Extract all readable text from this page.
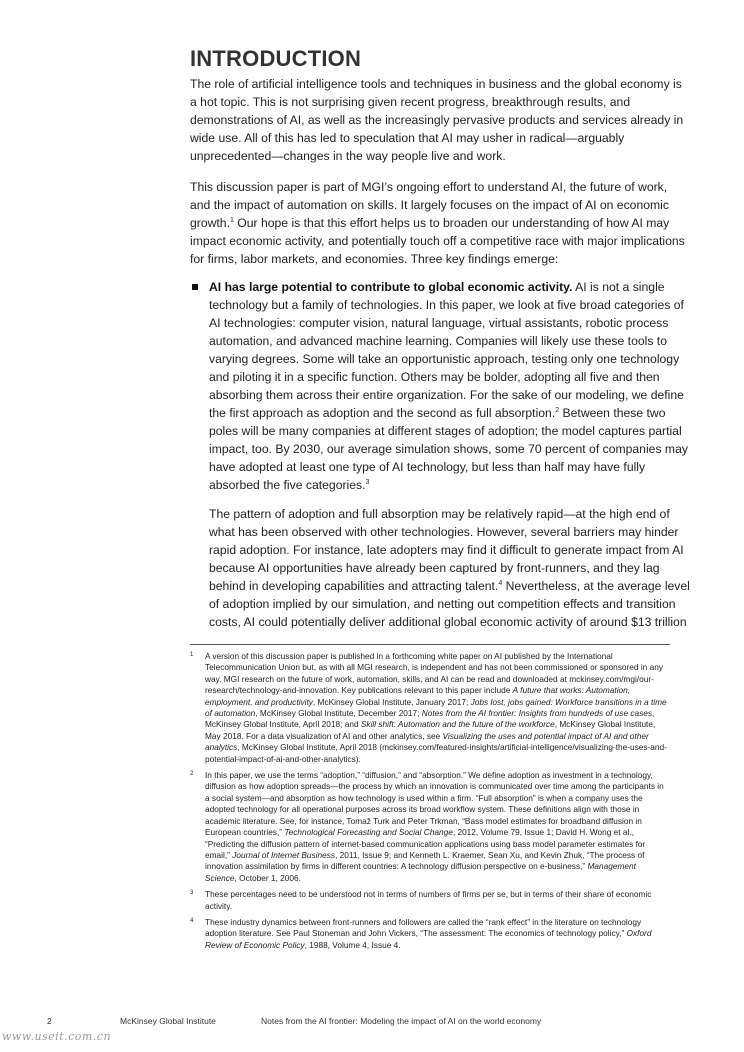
INTRODUCTION

The role of artificial intelligence tools and techniques in business and the global economy is a hot topic. This is not surprising given recent progress, breakthrough results, and demonstrations of AI, as well as the increasingly pervasive products and services already in wide use. All of this has led to speculation that AI may usher in radical—arguably unprecedented—changes in the way people live and work.

This discussion paper is part of MGI’s ongoing effort to understand AI, the future of work, and the impact of automation on skills. It largely focuses on the impact of AI on economic growth.$^1$ Our hope is that this effort helps us to broaden our understanding of how AI may impact economic activity, and potentially touch off a competitive race with major implications for firms, labor markets, and economies. Three key findings emerge:

AI has large potential to contribute to global economic activity. AI is not a single technology but a family of technologies. In this paper, we look at five broad categories of AI technologies: computer vision, natural language, virtual assistants, robotic process automation, and advanced machine learning. Companies will likely use these tools to varying degrees. Some will take an opportunistic approach, testing only one technology and piloting it in a specific function. Others may be bolder, adopting all five and then absorbing them across their entire organization. For the sake of our modeling, we define the first approach as adoption and the second as full absorption.$^2$ Between these two poles will be many companies at different stages of adoption; the model captures partial impact, too. By 2030, our average simulation shows, some 70 percent of companies may have adopted at least one type of AI technology, but less than half may have fully absorbed the five categories.$^3$

The pattern of adoption and full absorption may be relatively rapid—at the high end of what has been observed with other technologies. However, several barriers may hinder rapid adoption. For instance, late adopters may find it difficult to generate impact from AI because AI opportunities have already been captured by front-runners, and they lag behind in developing capabilities and attracting talent.$^4$ Nevertheless, at the average level of adoption implied by our simulation, and netting out competition effects and transition costs, AI could potentially deliver additional global economic activity of around $13 trillion

1 A version of this discussion paper is published in a forthcoming white paper on AI published by the International Telecommunication Union but, as with all MGI research, is independent and has not been commissioned or sponsored in any way. MGI research on the future of work, automation, skills, and AI can be read and downloaded at mckinsey.com/mgi/our-research/technology-and-innovation. Key publications relevant to this paper include A future that works: Automation, employment, and productivity, McKinsey Global Institute, January 2017; Jobs lost, jobs gained: Workforce transitions in a time of automation, McKinsey Global Institute, December 2017; Notes from the AI frontier: Insights from hundreds of use cases, McKinsey Global Institute, April 2018; and Skill shift: Automation and the future of the workforce, McKinsey Global Institute, May 2018. For a data visualization of AI and other analytics, see Visualizing the uses and potential impact of AI and other analytics, McKinsey Global Institute, April 2018 (mckinsey.com/featured-insights/artificial-intelligence/visualizing-the-uses-and-potential-impact-of-ai-and-other-analytics).
2 In this paper, we use the terms “adoption,” “diffusion,” and “absorption.” We define adoption as investment in a technology, diffusion as how adoption spreads—the process by which an innovation is communicated over time among the participants in a social system—and absorption as how technology is used within a firm. “Full absorption” is when a company uses the adopted technology for all operational purposes across its broad workflow system. These definitions align with those in academic literature. See, for instance, Tomaž Turk and Peter Trkman, “Bass model estimates for broadband diffusion in European countries,” Technological Forecasting and Social Change, 2012, Volume 79, Issue 1; David H. Wong et al., “Predicting the diffusion pattern of internet-based communication applications using bass model parameter estimates for email,” Journal of Internet Business, 2011, Issue 9; and Kenneth L. Kraemer, Sean Xu, and Kevin Zhuk, “The process of innovation assimilation by firms in different countries: A technology diffusion perspective on e-business,” Management Science, October 1, 2006.
3 These percentages need to be understood not in terms of numbers of firms per se, but in terms of their share of economic activity.
4 These industry dynamics between front-runners and followers are called the “rank effect” in the literature on technology adoption literature. See Paul Stoneman and John Vickers, “The assessment: The economics of technology policy,” Oxford Review of Economic Policy, 1988, Volume 4, Issue 4.
2	McKinsey Global Institute	Notes from the AI frontier: Modeling the impact of AI on the world economy
www.useit.com.cn
